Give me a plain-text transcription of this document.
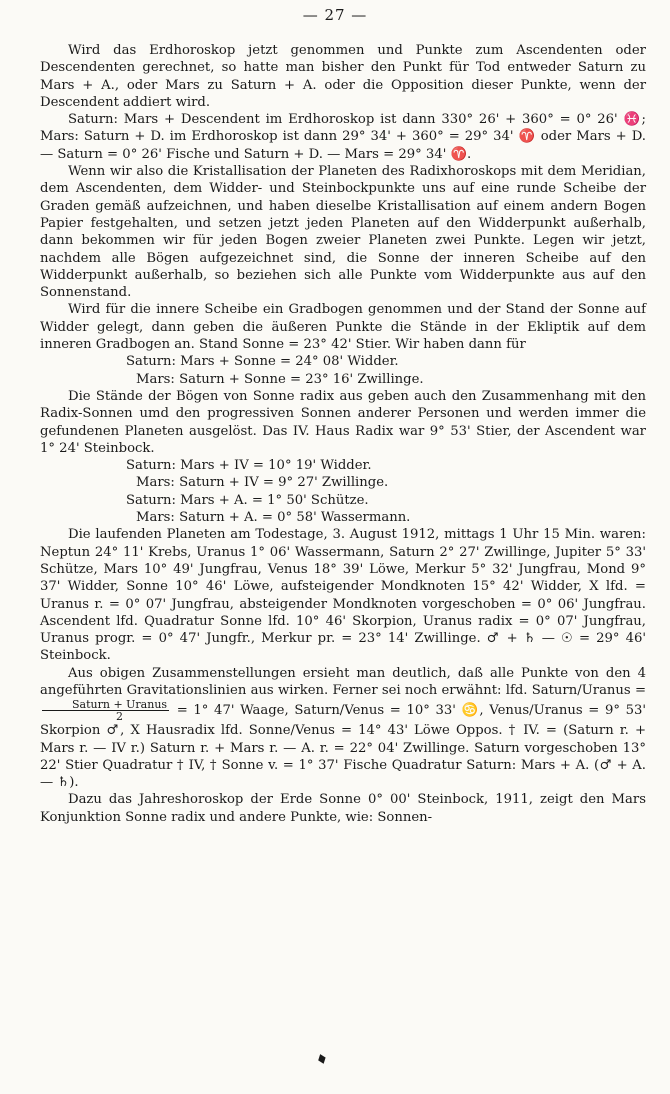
— 27 —

Wird das Erdhoroskop jetzt genommen und Punkte zum Ascendenten oder Descendenten gerechnet, so hatte man bisher den Punkt für Tod entweder Saturn zu Mars + A., oder Mars zu Saturn + A. oder die Opposition dieser Punkte, wenn der Descendent addiert wird.

Saturn: Mars + Descendent im Erdhoroskop ist dann 330° 26' + 360° = 0° 26' ♓; Mars: Saturn + D. im Erdhoroskop ist dann 29° 34' + 360° = 29° 34' ♈ oder Mars + D. — Saturn = 0° 26' Fische und Saturn + D. — Mars = 29° 34' ♈.

Wenn wir also die Kristallisation der Planeten des Radixhoroskops mit dem Meridian, dem Ascendenten, dem Widder- und Steinbockpunkte uns auf eine runde Scheibe der Graden gemäß aufzeichnen, und haben dieselbe Kristallisation auf einem andern Bogen Papier festgehalten, und setzen jetzt jeden Planeten auf den Widderpunkt außerhalb, dann bekommen wir für jeden Bogen zweier Planeten zwei Punkte. Legen wir jetzt, nachdem alle Bögen aufgezeichnet sind, die Sonne der inneren Scheibe auf den Widderpunkt außerhalb, so beziehen sich alle Punkte vom Widderpunkte aus auf den Sonnenstand.

Wird für die innere Scheibe ein Gradbogen genommen und der Stand der Sonne auf Widder gelegt, dann geben die äußeren Punkte die Stände in der Ekliptik auf dem inneren Gradbogen an. Stand Sonne = 23° 42' Stier. Wir haben dann für

Saturn: Mars + Sonne = 24° 08' Widder.

Mars: Saturn + Sonne = 23° 16' Zwillinge.

Die Stände der Bögen von Sonne radix aus geben auch den Zusammenhang mit den Radix-Sonnen umd den progressiven Sonnen anderer Personen und werden immer die gefundenen Planeten ausgelöst. Das IV. Haus Radix war 9° 53' Stier, der Ascendent war 1° 24' Steinbock.

Saturn: Mars + IV = 10° 19' Widder.

Mars: Saturn + IV = 9° 27' Zwillinge.

Saturn: Mars + A. = 1° 50' Schütze.

Mars: Saturn + A. = 0° 58' Wassermann.

Die laufenden Planeten am Todestage, 3. August 1912, mittags 1 Uhr 15 Min. waren: Neptun 24° 11' Krebs, Uranus 1° 06' Wassermann, Saturn 2° 27' Zwillinge, Jupiter 5° 33' Schütze, Mars 10° 49' Jungfrau, Venus 18° 39' Löwe, Merkur 5° 32' Jungfrau, Mond 9° 37' Widder, Sonne 10° 46' Löwe, aufsteigender Mondknoten 15° 42' Widder, X lfd. = Uranus r. = 0° 07' Jungfrau, absteigender Mondknoten vorgeschoben = 0° 06' Jungfrau. Ascendent lfd. Quadratur Sonne lfd. 10° 46' Skorpion, Uranus radix = 0° 07' Jungfrau, Uranus progr. = 0° 47' Jungfr., Merkur pr. = 23° 14' Zwillinge. ♂ + ♄ — ☉ = 29° 46' Steinbock.

Aus obigen Zusammenstellungen ersieht man deutlich, daß alle Punkte von den 4 angeführten Gravitationslinien aus wirken. Ferner sei noch erwähnt: lfd. Saturn/Uranus =
$\frac{\text{Saturn + Uranus}}{2} = 1^\circ$ 47' Waage, Saturn/Venus = 10° 33' ♋, Venus/Uranus = 9° 53' Skorpion ♂, X Hausradix lfd. Sonne/Venus = 14° 43' Löwe Oppos. † IV. = (Saturn r. + Mars r. — IV r.) Saturn r. + Mars r. — A. r. = 22° 04' Zwillinge. Saturn vorgeschoben 13° 22' Stier Quadratur † IV, † Sonne v. = 1° 37' Fische Quadratur Saturn: Mars + A. (♂ + A. — ♄).

Dazu das Jahreshoroskop der Erde Sonne 0° 00' Steinbock, 1911, zeigt den Mars Konjunktion Sonne radix und andere Punkte, wie: Sonnen-

♦
